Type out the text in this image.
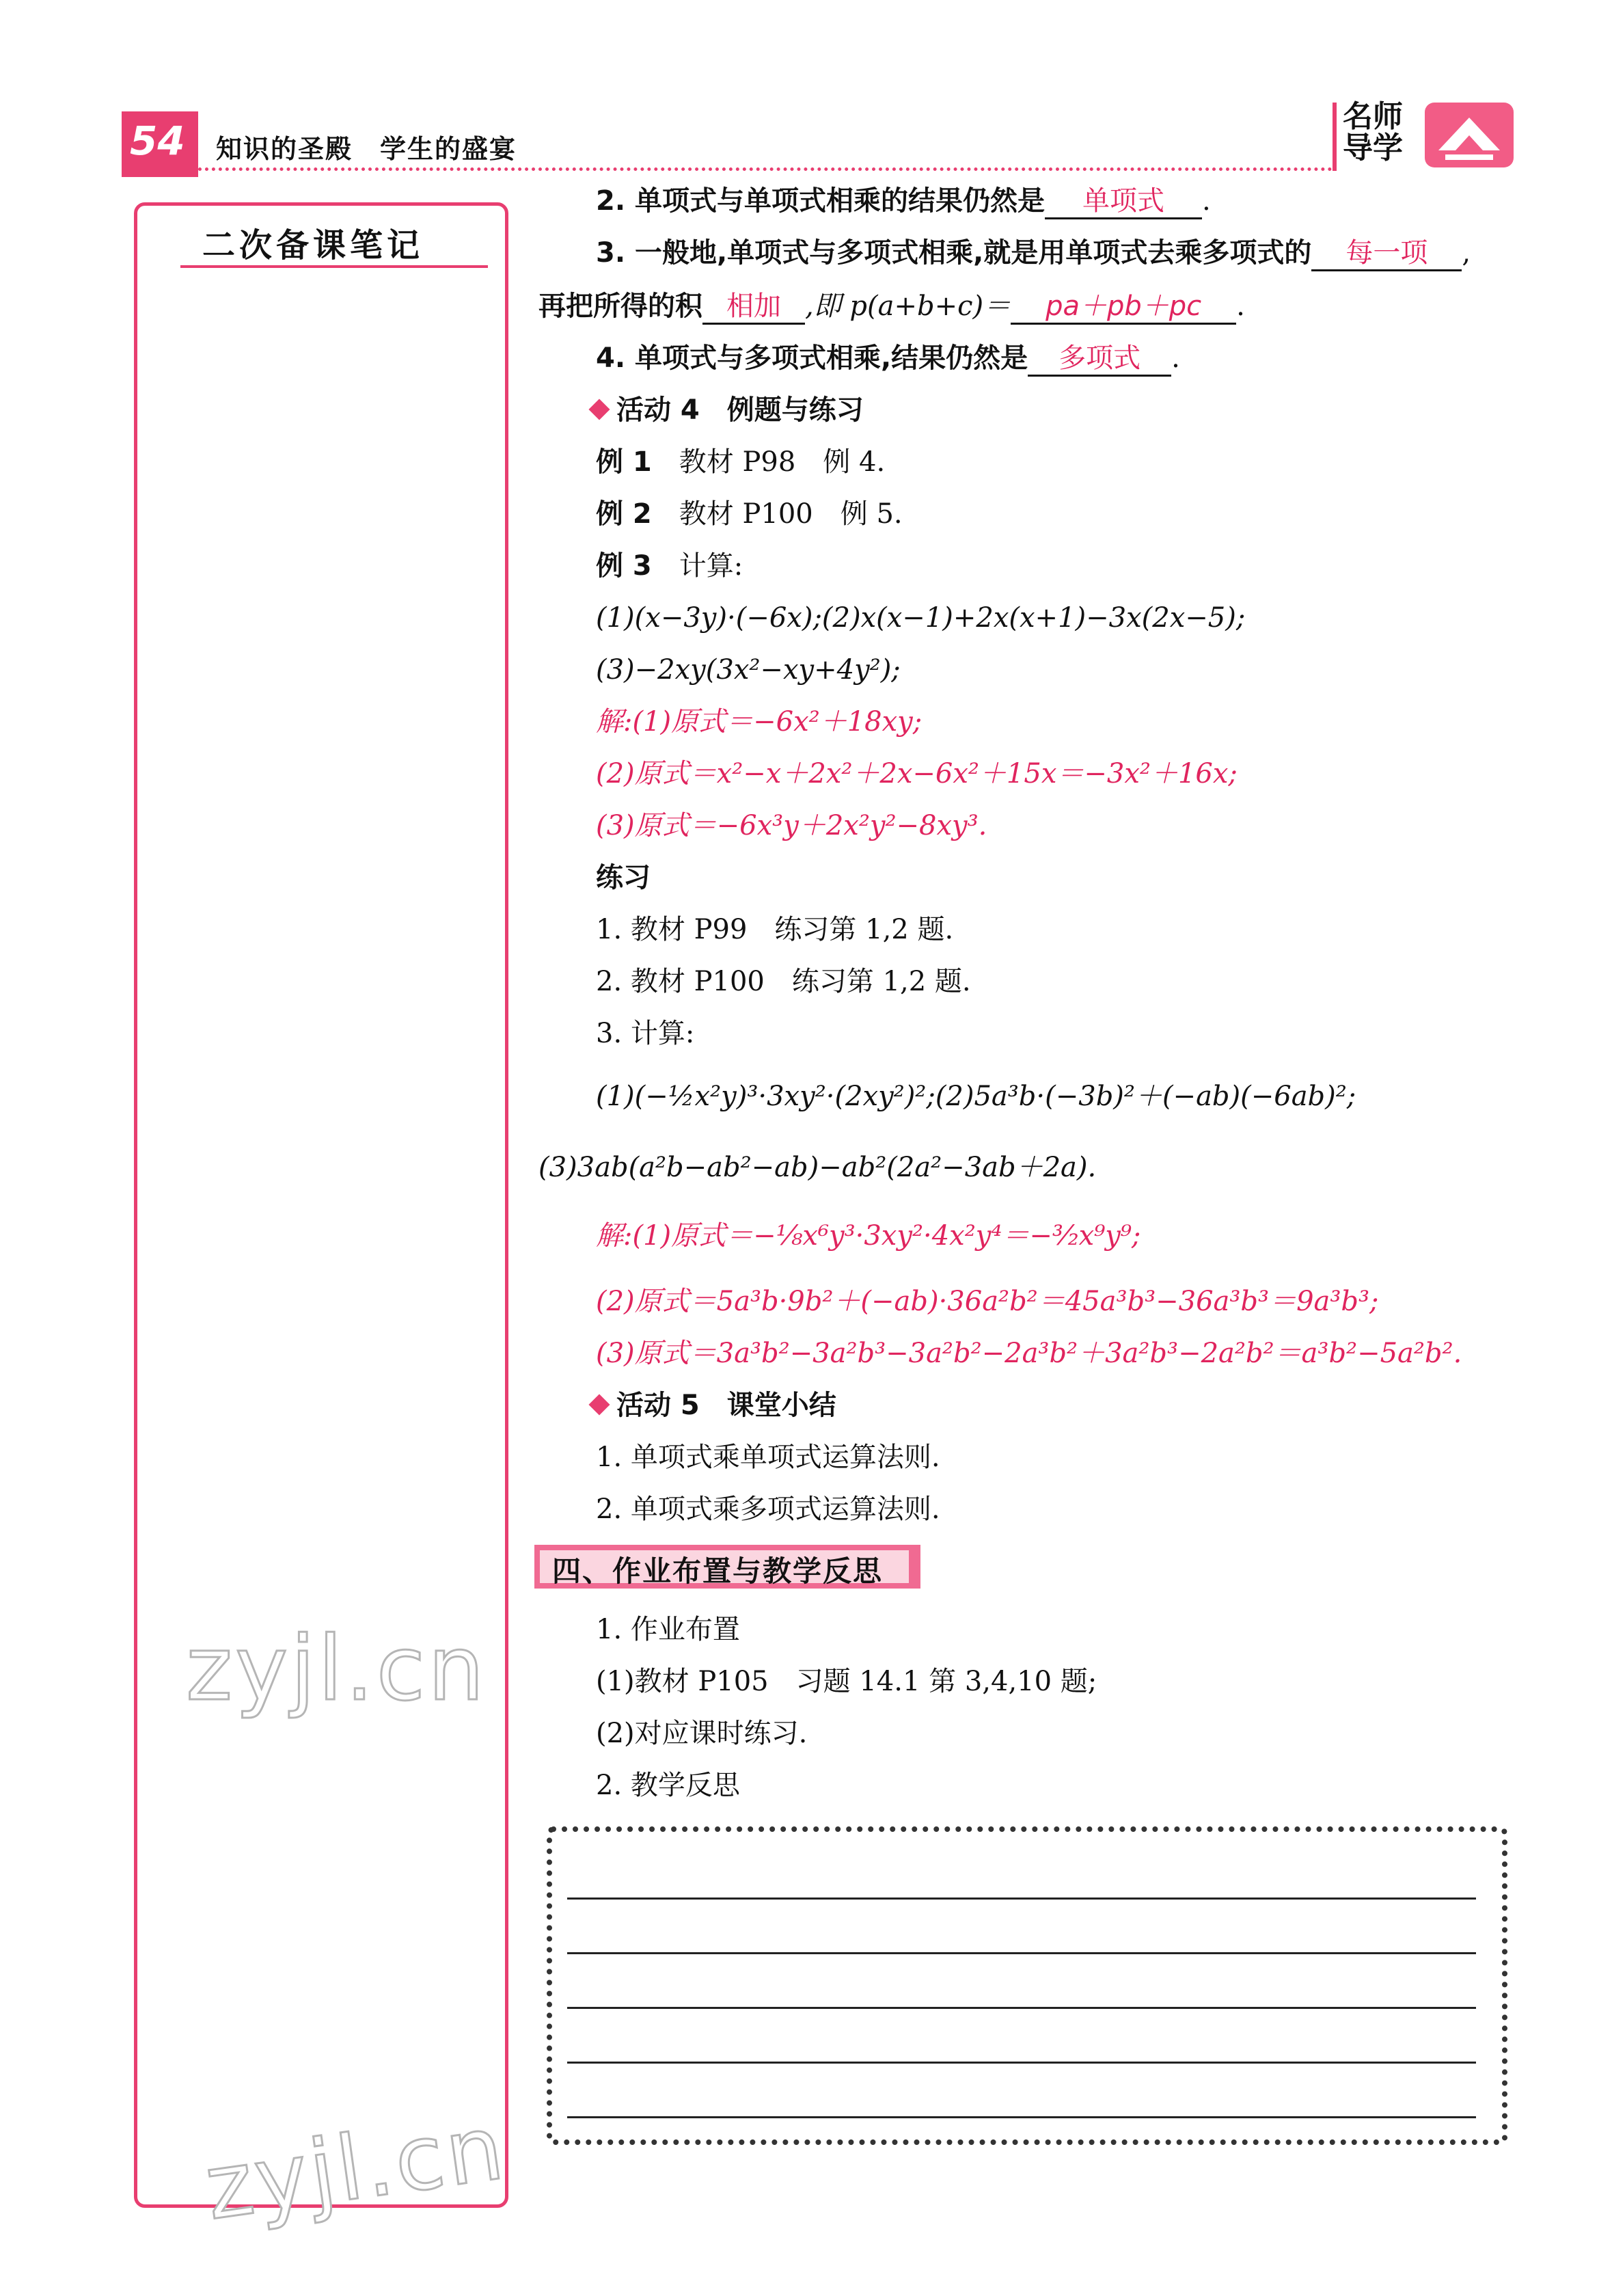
54 知识的圣殿　学生的盛宴
名师
导学
二次备课笔记
zyjl.cn
zyjl.cn
2. 单项式与单项式相乘的结果仍然是 单项式 .
3. 一般地,单项式与多项式相乘,就是用单项式去乘多项式的 每一项 ,
再把所得的积 相加 ,即 p(a+b+c)＝ pa＋pb＋pc .
4. 单项式与多项式相乘,结果仍然是 多项式 .
活动 4　例题与练习
例 1　 教材 P98　例 4.
例 2　 教材 P100　例 5.
例 3　 计算:
(1)(x−3y)·(−6x);(2)x(x−1)+2x(x+1)−3x(2x−5);
(3)−2xy(3x²−xy+4y²);
解:(1)原式＝−6x²＋18xy;
(2)原式＝x²−x＋2x²＋2x−6x²＋15x＝−3x²＋16x;
(3)原式＝−6x³y＋2x²y²−8xy³.
练习
1. 教材 P99　练习第 1,2 题.
2. 教材 P100　练习第 1,2 题.
3. 计算:
(1)(−½x²y)³·3xy²·(2xy²)²;(2)5a³b·(−3b)²＋(−ab)(−6ab)²;
(3)3ab(a²b−ab²−ab)−ab²(2a²−3ab＋2a).
解:(1)原式＝−⅛x⁶y³·3xy²·4x²y⁴＝−³⁄₂x⁹y⁹;
(2)原式＝5a³b·9b²＋(−ab)·36a²b²＝45a³b³−36a³b³＝9a³b³;
(3)原式＝3a³b²−3a²b³−3a²b²−2a³b²＋3a²b³−2a²b²＝a³b²−5a²b².
活动 5　课堂小结
1. 单项式乘单项式运算法则.
2. 单项式乘多项式运算法则.
四、作业布置与教学反思
1. 作业布置
(1)教材 P105　习题 14.1 第 3,4,10 题;
(2)对应课时练习.
2. 教学反思
